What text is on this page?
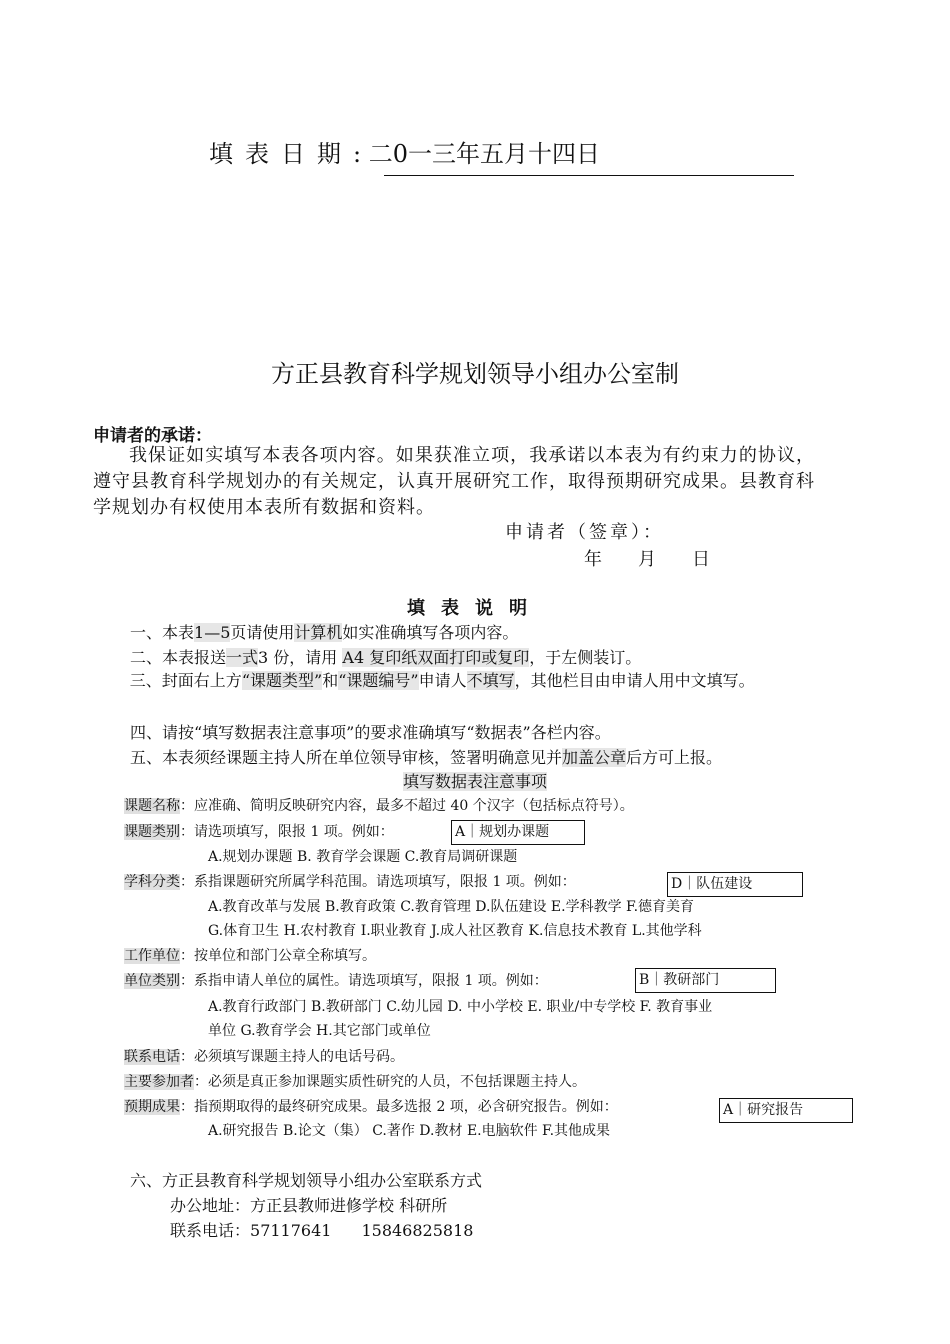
填表日期: 二0一三年五月十四日
方正县教育科学规划领导小组办公室制
申请者的承诺：
我保证如实填写本表各项内容。如果获准立项，我承诺以本表为有约束力的协议，遵守县教育科学规划办的有关规定，认真开展研究工作，取得预期研究成果。县教育科学规划办有权使用本表所有数据和资料。
申请者（签章）：
年 月 日
填表说明
一、本表1—5页请使用计算机如实准确填写各项内容。
二、本表报送一式3 份，请用 A4 复印纸双面打印或复印，于左侧装订。
三、封面右上方“课题类型”和“课题编号”申请人不填写，其他栏目由申请人用中文填写。
四、请按“填写数据表注意事项”的要求准确填写“数据表”各栏内容。
五、本表须经课题主持人所在单位领导审核，签署明确意见并加盖公章后方可上报。
填写数据表注意事项
课题名称：应准确、简明反映研究内容，最多不超过 40 个汉字（包括标点符号）。
课题类别：请选项填写，限报 1 项。例如：	A｜规划办课题
A.规划办课题 B. 教育学会课题 C.教育局调研课题
学科分类：系指课题研究所属学科范围。请选项填写，限报 1 项。例如：	D｜队伍建设
A.教育改革与发展 B.教育政策 C.教育管理 D.队伍建设 E.学科教学 F.德育美育
G.体育卫生 H.农村教育 I.职业教育 J.成人社区教育 K.信息技术教育 L.其他学科
工作单位：按单位和部门公章全称填写。
单位类别：系指申请人单位的属性。请选项填写，限报 1 项。例如：	B｜教研部门
A.教育行政部门 B.教研部门 C.幼儿园 D. 中小学校 E. 职业/中专学校 F. 教育事业
单位 G.教育学会 H.其它部门或单位
联系电话：必须填写课题主持人的电话号码。
主要参加者：必须是真正参加课题实质性研究的人员，不包括课题主持人。
预期成果：指预期取得的最终研究成果。最多选报 2 项，必含研究报告。例如：	A｜研究报告
A.研究报告 B.论文（集） C.著作 D.教材 E.电脑软件 F.其他成果
六、方正县教育科学规划领导小组办公室联系方式
办公地址：方正县教师进修学校 科研所
联系电话：57117641 15846825818
